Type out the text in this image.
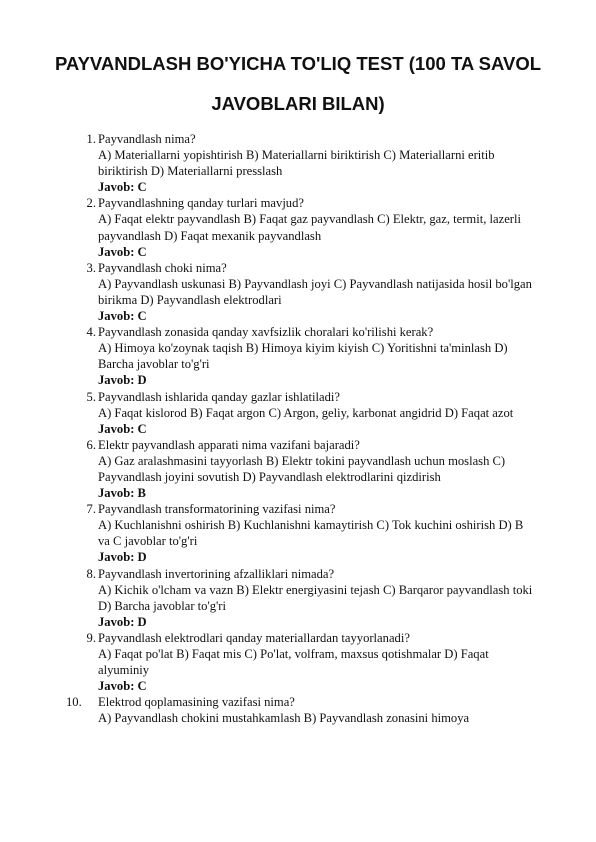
PAYVANDLASH BO'YICHA TO'LIQ TEST (100 TA SAVOL JAVOBLARI BILAN)
1. Payvandlash nima?
A) Materiallarni yopishtirish B) Materiallarni biriktirish C) Materiallarni eritib biriktirish D) Materiallarni presslash
Javob: C
2. Payvandlashning qanday turlari mavjud?
A) Faqat elektr payvandlash B) Faqat gaz payvandlash C) Elektr, gaz, termit, lazerli payvandlash D) Faqat mexanik payvandlash
Javob: C
3. Payvandlash choki nima?
A) Payvandlash uskunasi B) Payvandlash joyi C) Payvandlash natijasida hosil bo'lgan birikma D) Payvandlash elektrodlari
Javob: C
4. Payvandlash zonasida qanday xavfsizlik choralari ko'rilishi kerak?
A) Himoya ko'zoynak taqish B) Himoya kiyim kiyish C) Yoritishni ta'minlash D) Barcha javoblar to'g'ri
Javob: D
5. Payvandlash ishlarida qanday gazlar ishlatiladi?
A) Faqat kislorod B) Faqat argon C) Argon, geliy, karbonat angidrid D) Faqat azot
Javob: C
6. Elektr payvandlash apparati nima vazifani bajaradi?
A) Gaz aralashmasini tayyorlash B) Elektr tokini payvandlash uchun moslash C) Payvandlash joyini sovutish D) Payvandlash elektrodlarini qizdirish
Javob: B
7. Payvandlash transformatorining vazifasi nima?
A) Kuchlanishni oshirish B) Kuchlanishni kamaytirish C) Tok kuchini oshirish D) B va C javoblar to'g'ri
Javob: D
8. Payvandlash invertorining afzalliklari nimada?
A) Kichik o'lcham va vazn B) Elektr energiyasini tejash C) Barqaror payvandlash toki D) Barcha javoblar to'g'ri
Javob: D
9. Payvandlash elektrodlari qanday materiallardan tayyorlanadi?
A) Faqat po'lat B) Faqat mis C) Po'lat, volfram, maxsus qotishmalar D) Faqat alyuminiy
Javob: C
10.	Elektrod qoplamasining vazifasi nima?
A) Payvandlash chokini mustahkamlash B) Payvandlash zonasini himoya
